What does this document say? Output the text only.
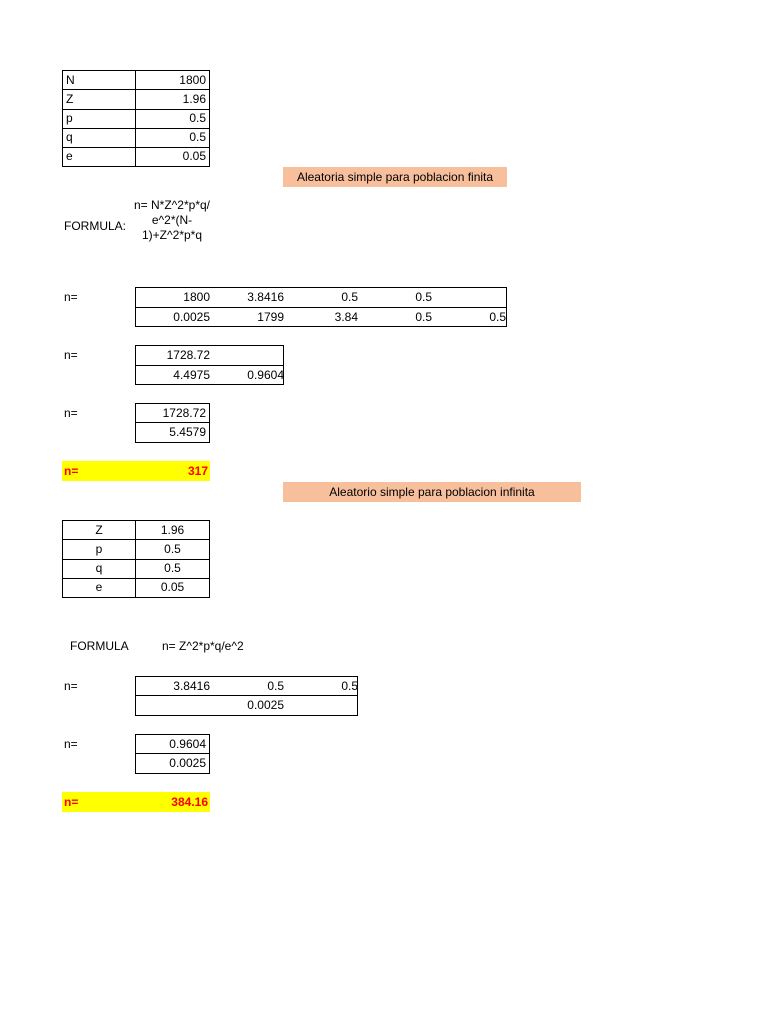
N	1800
Z	1.96
p	0.5
q	0.5
e	0.05
Aleatoria simple para poblacion finita
FORMULA:
n= N*Z^2*p*q/ e^2*(N-1)+Z^2*p*q
n=	1800	3.8416	0.5	0.5
0.0025	1799	3.84	0.5	0.5
n=	1728.72
4.4975	0.9604
n=	1728.72
5.4579
n=	317
Aleatorio simple para poblacion infinita
Z	1.96
p	0.5
q	0.5
e	0.05
FORMULA	n= Z^2*p*q/e^2
n=	3.8416	0.5	0.5
0.0025
n=	0.9604
0.0025
n=	384.16
